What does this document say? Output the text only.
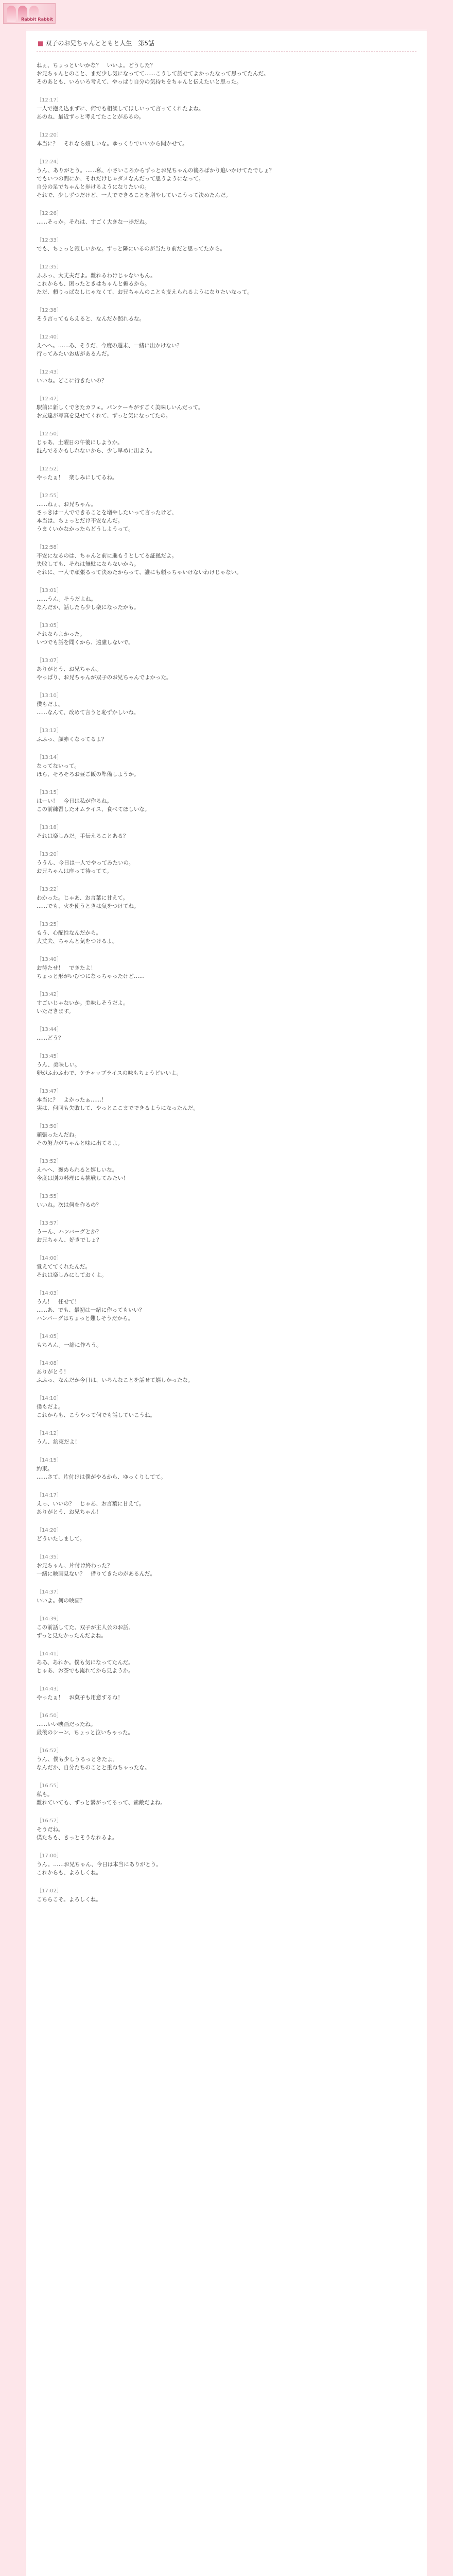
Rabbit Rabbit
■ 双子のお兄ちゃんとともと人生　第5話
ねぇ、ちょっといいかな？　いいよ。どうした？
お兄ちゃんとのこと、まだ少し気になってて……こうして話せてよかったなって思ってたんだ。
そのあとも、いろいろ考えて、やっぱり自分の気持ちをちゃんと伝えたいと思った。
［12:17］
一人で抱え込まずに、何でも相談してほしいって言ってくれたよね。
あのね、最近ずっと考えてたことがあるの。
［12:20］
本当に？　それなら嬉しいな。ゆっくりでいいから聞かせて。
［12:24］
うん、ありがとう。……私、小さいころからずっとお兄ちゃんの後ろばかり追いかけてたでしょ？
でもいつの間にか、それだけじゃダメなんだって思うようになって。
自分の足でちゃんと歩けるようになりたいの。
それで、少しずつだけど、一人でできることを増やしていこうって決めたんだ。
［12:26］
……そっか。それは、すごく大きな一歩だね。
［12:33］
でも、ちょっと寂しいかな。ずっと隣にいるのが当たり前だと思ってたから。
［12:35］
ふふっ、大丈夫だよ。離れるわけじゃないもん。
これからも、困ったときはちゃんと頼るから。
ただ、頼りっぱなしじゃなくて、お兄ちゃんのことも支えられるようになりたいなって。
［12:38］
そう言ってもらえると、なんだか照れるな。
［12:40］
えへへ。……あ、そうだ、今度の週末、一緒に出かけない？
行ってみたいお店があるんだ。
［12:43］
いいね。どこに行きたいの？
［12:47］
駅前に新しくできたカフェ。パンケーキがすごく美味しいんだって。
お友達が写真を見せてくれて、ずっと気になってたの。
［12:50］
じゃあ、土曜日の午後にしようか。
混んでるかもしれないから、少し早めに出よう。
［12:52］
やったぁ！　楽しみにしてるね。
［12:55］
……ねぇ、お兄ちゃん。
さっきは一人でできることを増やしたいって言ったけど、
本当は、ちょっとだけ不安なんだ。
うまくいかなかったらどうしようって。
［12:58］
不安になるのは、ちゃんと前に進もうとしてる証拠だよ。
失敗しても、それは無駄にならないから。
それに、一人で頑張るって決めたからって、誰にも頼っちゃいけないわけじゃない。
［13:01］
……うん。そうだよね。
なんだか、話したら少し楽になったかも。
［13:05］
それならよかった。
いつでも話を聞くから、遠慮しないで。
［13:07］
ありがとう、お兄ちゃん。
やっぱり、お兄ちゃんが双子のお兄ちゃんでよかった。
［13:10］
僕もだよ。
……なんて、改めて言うと恥ずかしいね。
［13:12］
ふふっ、顔赤くなってるよ？
［13:14］
なってないって。
ほら、そろそろお昼ご飯の準備しようか。
［13:15］
はーい！　今日は私が作るね。
この前練習したオムライス、食べてほしいな。
［13:18］
それは楽しみだ。手伝えることある？
［13:20］
ううん、今日は一人でやってみたいの。
お兄ちゃんは座って待ってて。
［13:22］
わかった。じゃあ、お言葉に甘えて。
……でも、火を使うときは気をつけてね。
［13:25］
もう、心配性なんだから。
大丈夫、ちゃんと気をつけるよ。
［13:40］
お待たせ！　できたよ！
ちょっと形がいびつになっちゃったけど……
［13:42］
すごいじゃないか。美味しそうだよ。
いただきます。
［13:44］
……どう？
［13:45］
うん、美味しい。
卵がふわふわで、ケチャップライスの味もちょうどいいよ。
［13:47］
本当に？　よかったぁ……！
実は、何回も失敗して、やっとここまでできるようになったんだ。
［13:50］
頑張ったんだね。
その努力がちゃんと味に出てるよ。
［13:52］
えへへ、褒められると嬉しいな。
今度は別の料理にも挑戦してみたい！
［13:55］
いいね。次は何を作るの？
［13:57］
うーん、ハンバーグとか？
お兄ちゃん、好きでしょ？
［14:00］
覚えててくれたんだ。
それは楽しみにしておくよ。
［14:03］
うん！　任せて！
……あ、でも、最初は一緒に作ってもいい？
ハンバーグはちょっと難しそうだから。
［14:05］
もちろん。一緒に作ろう。
［14:08］
ありがとう！
ふふっ、なんだか今日は、いろんなことを話せて嬉しかったな。
［14:10］
僕もだよ。
これからも、こうやって何でも話していこうね。
［14:12］
うん、約束だよ！
［14:15］
約束。
……さて、片付けは僕がやるから、ゆっくりしてて。
［14:17］
えっ、いいの？　じゃあ、お言葉に甘えて。
ありがとう、お兄ちゃん！
［14:20］
どういたしまして。
［14:35］
お兄ちゃん、片付け終わった？
一緒に映画見ない？　借りてきたのがあるんだ。
［14:37］
いいよ。何の映画？
［14:39］
この前話してた、双子が主人公のお話。
ずっと見たかったんだよね。
［14:41］
ああ、あれか。僕も気になってたんだ。
じゃあ、お茶でも淹れてから見ようか。
［14:43］
やったぁ！　お菓子も用意するね！
［16:50］
……いい映画だったね。
最後のシーン、ちょっと泣いちゃった。
［16:52］
うん、僕も少しうるっときたよ。
なんだか、自分たちのことと重ねちゃったな。
［16:55］
私も。
離れていても、ずっと繋がってるって、素敵だよね。
［16:57］
そうだね。
僕たちも、きっとそうなれるよ。
［17:00］
うん。……お兄ちゃん、今日は本当にありがとう。
これからも、よろしくね。
［17:02］
こちらこそ。よろしくね。
